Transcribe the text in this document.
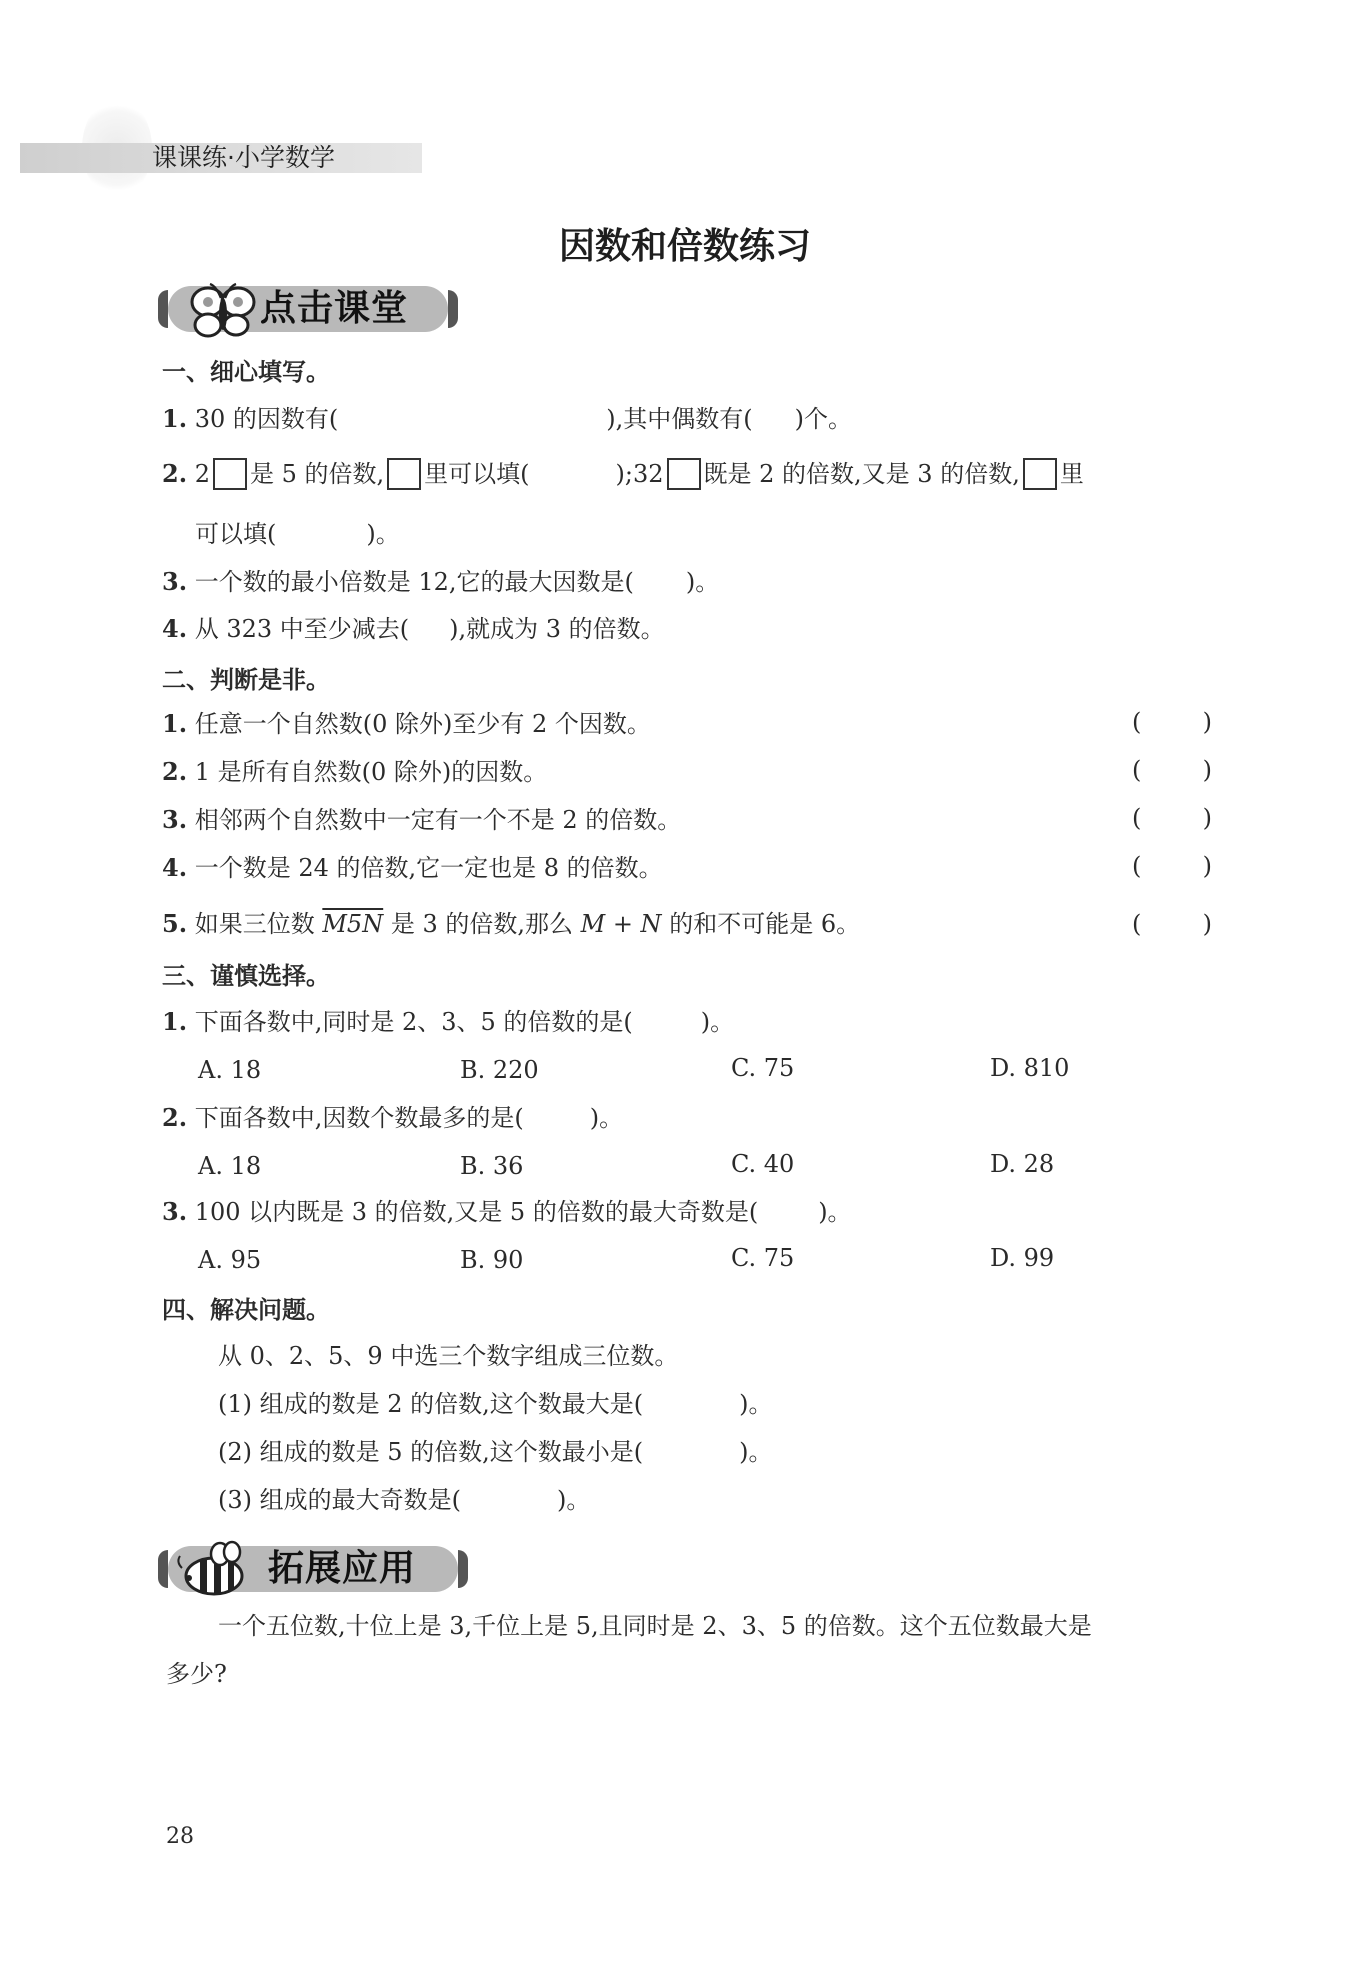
课课练·小学数学
因数和倍数练习
点击课堂
一、细心填写。
1. 30 的因数有(	),其中偶数有( )个。
2. 2 是 5 的倍数, 里可以填(	);32 既是 2 的倍数,又是 3 的倍数, 里
可以填(	)。
3. 一个数的最小倍数是 12,它的最大因数是( )。
4. 从 323 中至少减去( ),就成为 3 的倍数。
二、判断是非。
1. 任意一个自然数(0 除外)至少有 2 个因数。	(	)
2. 1 是所有自然数(0 除外)的因数。	(	)
3. 相邻两个自然数中一定有一个不是 2 的倍数。	(	)
4. 一个数是 24 的倍数,它一定也是 8 的倍数。	(	)
5. 如果三位数 M5N 是 3 的倍数,那么 M + N 的和不可能是 6。	(	)
三、谨慎选择。
1. 下面各数中,同时是 2、3、5 的倍数的是(	)。
A. 18	B. 220	C. 75	D. 810
2. 下面各数中,因数个数最多的是(	)。
A. 18	B. 36	C. 40	D. 28
3. 100 以内既是 3 的倍数,又是 5 的倍数的最大奇数是(	)。
A. 95	B. 90	C. 75	D. 99
四、解决问题。
从 0、2、5、9 中选三个数字组成三位数。
(1) 组成的数是 2 的倍数,这个数最大是(	)。
(2) 组成的数是 5 的倍数,这个数最小是(	)。
(3) 组成的最大奇数是(	)。
拓展应用
一个五位数,十位上是 3,千位上是 5,且同时是 2、3、5 的倍数。这个五位数最大是
多少?
28
